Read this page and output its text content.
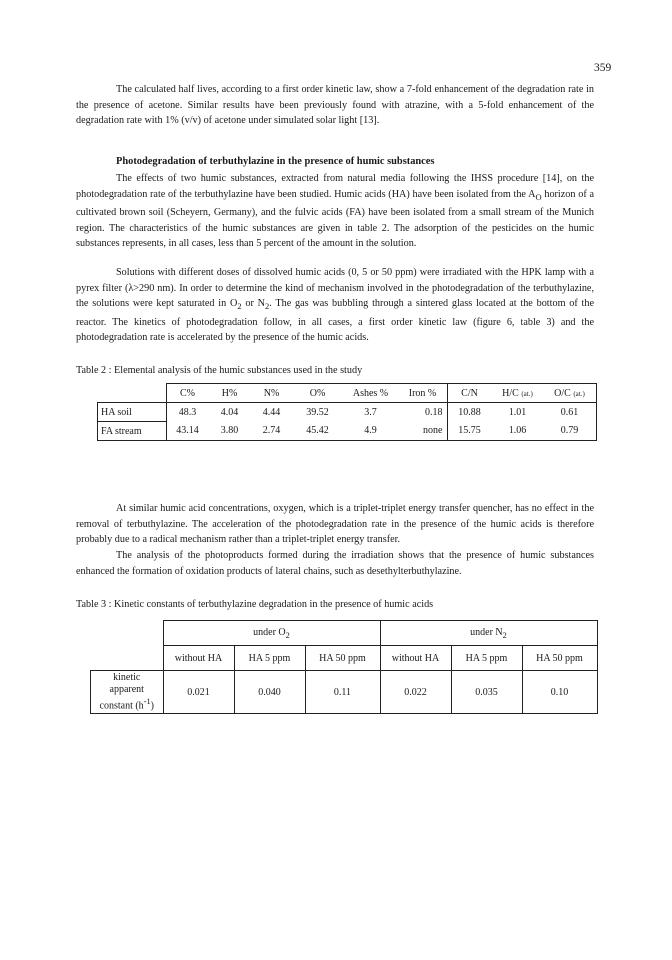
359

The calculated half lives, according to a first order kinetic law, show a 7-fold enhancement of the degradation rate in the presence of acetone. Similar results have been previously found with atrazine, with a 5-fold enhancement of the degradation rate with 1% (v/v) of acetone under simulated solar light [13].

Photodegradation of terbuthylazine in the presence of humic substances

The effects of two humic substances, extracted from natural media following the IHSS procedure [14], on the photodegradation rate of the terbuthylazine have been studied. Humic acids (HA) have been isolated from the $A_O$ horizon of a cultivated brown soil (Scheyern, Germany), and the fulvic acids (FA) have been isolated from a small stream of the Munich region. The characteristics of the humic substances are given in table 2. The adsorption of the pesticides on the humic substances represents, in all cases, less than 5 percent of the amount in the solution.

Solutions with different doses of dissolved humic acids (0, 5 or 50 ppm) were irradiated with the HPK lamp with a pyrex filter (λ>290 nm). In order to determine the kind of mechanism involved in the photodegradation of the terbuthylazine, the solutions were kept saturated in $O_2$ or $N_2$. The gas was bubbling through a sintered glass located at the bottom of the reactor. The kinetics of photodegradation follow, in all cases, a first order kinetic law (figure 6, table 3) and the photodegradation rate is accelerated by the presence of the humic acids.

Table 2 : Elemental analysis of the humic substances used in the study

	C%	H%	N%	O%	Ashes %	Iron %	C/N	H/C (at.)	O/C (at.)
HA soil	48.3	4.04	4.44	39.52	3.7	0.18	10.88	1.01	0.61
FA stream	43.14	3.80	2.74	45.42	4.9	none	15.75	1.06	0.79

At similar humic acid concentrations, oxygen, which is a triplet-triplet energy transfer quencher, has no effect in the removal of terbuthylazine. The acceleration of the photodegradation rate in the presence of the humic acids is therefore probably due to a radical mechanism rather than a triplet-triplet energy transfer.

The analysis of the photoproducts formed during the irradiation shows that the presence of humic substances enhanced the formation of oxidation products of lateral chains, such as desethylterbuthylazine.

Table 3 : Kinetic constants of terbuthylazine degradation in the presence of humic acids

	under $O_2$			under $N_2$
	without HA	HA 5 ppm	HA 50 ppm	without HA	HA 5 ppm	HA 50 ppm
kinetic
apparent
constant $(h^{-1})$	0.021	0.040	0.11	0.022	0.035	0.10
